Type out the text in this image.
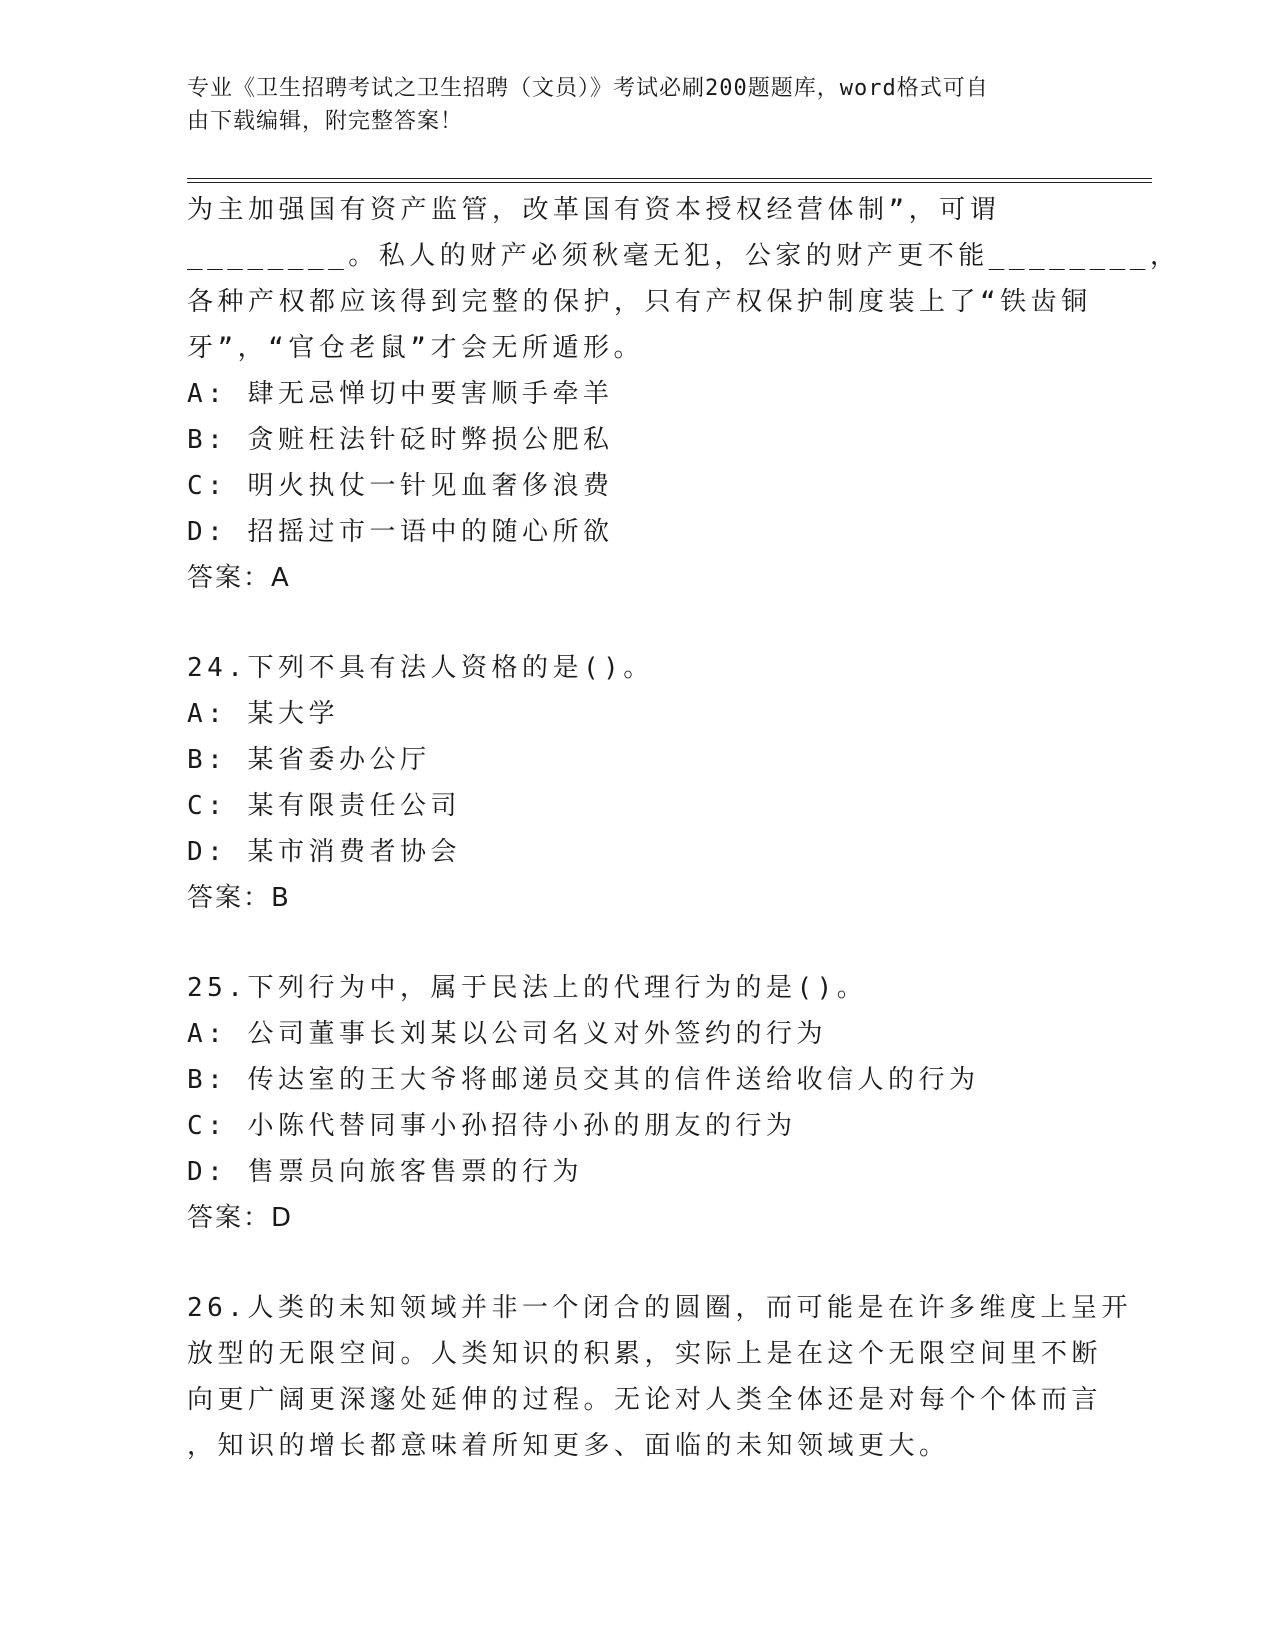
专业《卫生招聘考试之卫生招聘（文员）》考试必刷200题题库，word格式可自
由下载编辑，附完整答案！
为主加强国有资产监管，改革国有资本授权经营体制”，可谓
________。私人的财产必须秋毫无犯，公家的财产更不能________，
各种产权都应该得到完整的保护，只有产权保护制度装上了“铁齿铜
牙”，“官仓老鼠”才会无所遁形。
A: 肆无忌惮切中要害顺手牵羊
B: 贪赃枉法针砭时弊损公肥私
C: 明火执仗一针见血奢侈浪费
D: 招摇过市一语中的随心所欲
答案：A
24.下列不具有法人资格的是()。
A: 某大学
B: 某省委办公厅
C: 某有限责任公司
D: 某市消费者协会
答案：B
25.下列行为中，属于民法上的代理行为的是()。
A: 公司董事长刘某以公司名义对外签约的行为
B: 传达室的王大爷将邮递员交其的信件送给收信人的行为
C: 小陈代替同事小孙招待小孙的朋友的行为
D: 售票员向旅客售票的行为
答案：D
26.人类的未知领域并非一个闭合的圆圈，而可能是在许多维度上呈开
放型的无限空间。人类知识的积累，实际上是在这个无限空间里不断
向更广阔更深邃处延伸的过程。无论对人类全体还是对每个个体而言
，知识的增长都意味着所知更多、面临的未知领域更大。
